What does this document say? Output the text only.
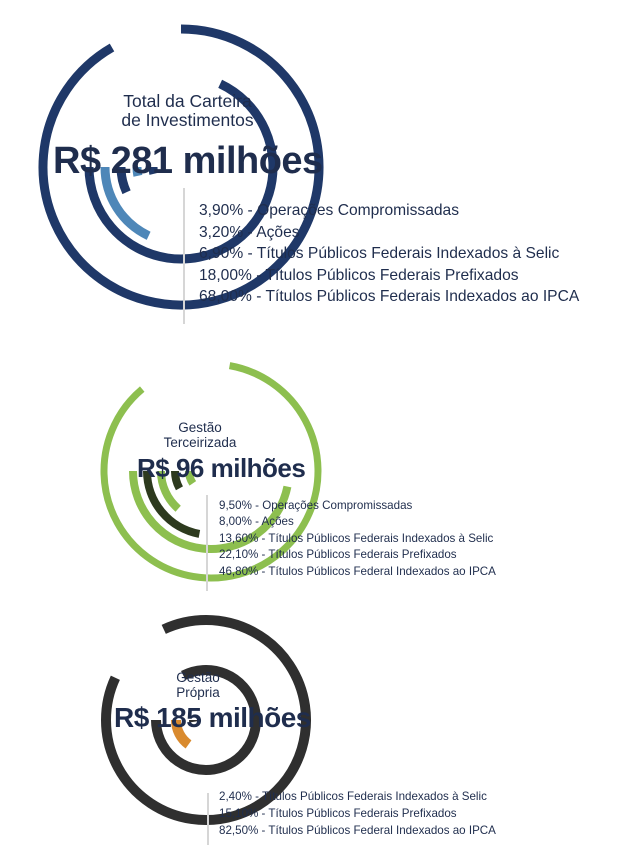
Total da Carteira
de Investimentos
R$ 281 milhões
3,90% - Operações Compromissadas
3,20% - Ações
6,90% - Títulos Públicos Federais Indexados à Selic
18,00% - Títulos Públicos Federais Prefixados
68,00% - Títulos Públicos Federais Indexados ao IPCA
Gestão
Terceirizada
R$ 96 milhões
9,50% - Operações Compromissadas
8,00% - Ações
13,60% - Títulos Públicos Federais Indexados à Selic
22,10% - Títulos Públicos Federais Prefixados
46,80% - Títulos Públicos Federal Indexados ao IPCA
Gestão
Própria
R$ 185 milhões
2,40% - Títulos Públicos Federais Indexados à Selic
15,10% - Títulos Públicos Federais Prefixados
82,50% - Títulos Públicos Federal Indexados ao IPCA
